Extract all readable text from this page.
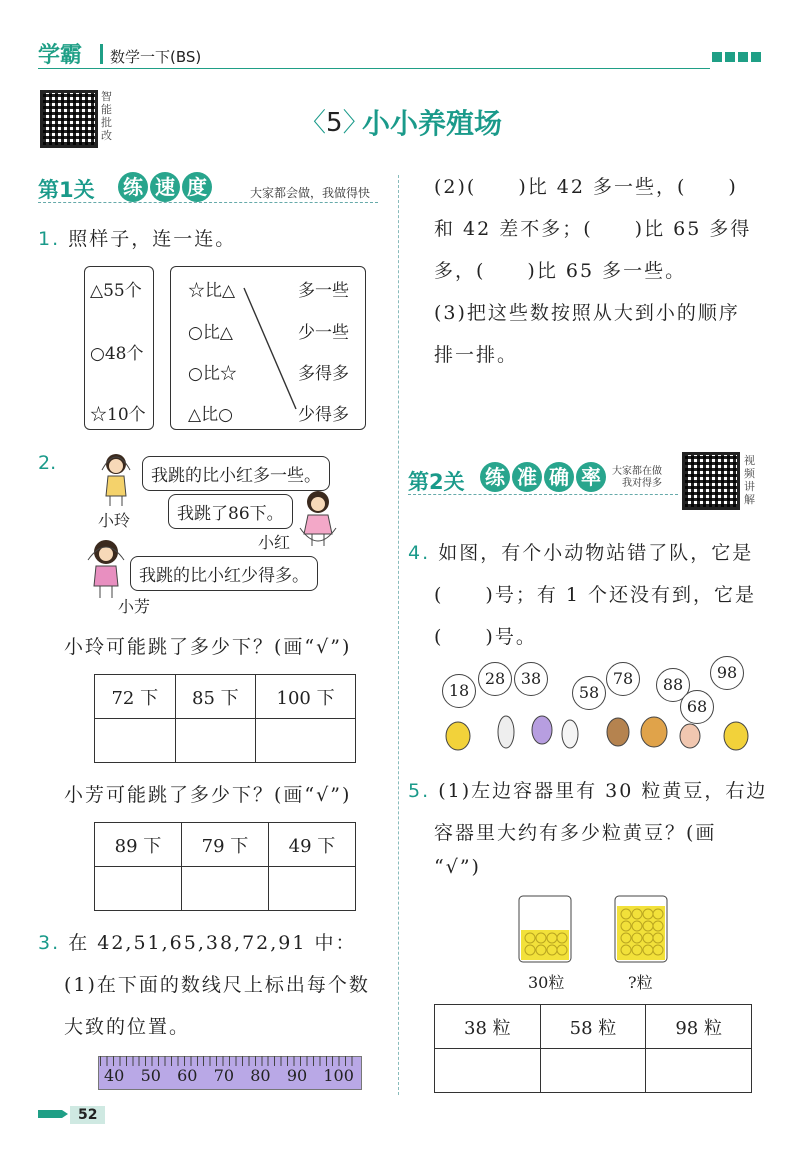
学霸 数学一下(BS)
智能批改	〈5〉
小小养殖场
第1关 练 速 度	大家都会做，我做得快
1. 照样子，连一连。
△55个
○48个
☆10个
☆比△
○比△
○比☆
△比○
多一些
少一些
多得多
少得多
2.
我跳的比小红多一些。
小玲	我跳了86下。
小红
我跳的比小红少得多。
小芳
小玲可能跳了多少下？(画“√”)
72 下	85 下	100 下

小芳可能跳了多少下？(画“√”)
89 下	79 下	49 下

3. 在 42,51,65,38,72,91 中：
(1)在下面的数线尺上标出每个数
大致的位置。
40 50 60 70 80 90 100
(2)(　　)比 42 多一些，(　　)
和 42 差不多；(　　)比 65 多得
多，(　　)比 65 多一些。
(3)把这些数按照从大到小的顺序
排一排。
第2关 练 准 确 率	大家都在做
我对得多
视频讲解
4. 如图，有个小动物站错了队，它是
(　　)号；有 1 个还没有到，它是
(　　)号。
18
28 38
58
78	88
68
98
5. (1)左边容器里有 30 粒黄豆，右边
容器里大约有多少粒黄豆？(画
“√”)
30粒	?粒
38 粒	58 粒	98 粒

52
